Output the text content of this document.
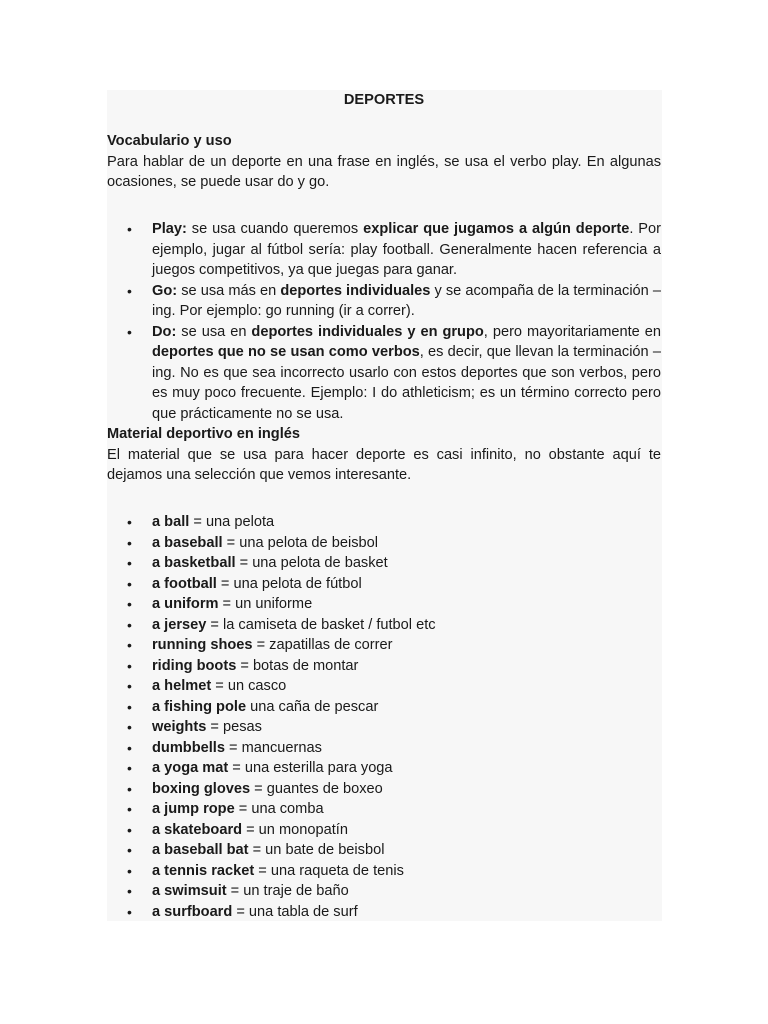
DEPORTES
Vocabulario y uso

Para hablar de un deporte en una frase en inglés, se usa el verbo play. En algunas ocasiones, se puede usar do y go.

• Play: se usa cuando queremos explicar que jugamos a algún deporte. Por ejemplo, jugar al fútbol sería: play football. Generalmente hacen referencia a juegos competitivos, ya que juegas para ganar.
• Go: se usa más en deportes individuales y se acompaña de la terminación –ing. Por ejemplo: go running (ir a correr).
• Do: se usa en deportes individuales y en grupo, pero mayoritariamente en deportes que no se usan como verbos, es decir, que llevan la terminación –ing. No es que sea incorrecto usarlo con estos deportes que son verbos, pero es muy poco frecuente. Ejemplo: I do athleticism; es un término correcto pero que prácticamente no se usa.
Material deportivo en inglés

El material que se usa para hacer deporte es casi infinito, no obstante aquí te dejamos una selección que vemos interesante.

• a ball = una pelota
• a baseball = una pelota de beisbol
• a basketball = una pelota de basket
• a football = una pelota de fútbol
• a uniform = un uniforme
• a jersey = la camiseta de basket / futbol etc
• running shoes = zapatillas de correr
• riding boots = botas de montar
• a helmet = un casco
• a fishing pole una caña de pescar
• weights = pesas
• dumbbells = mancuernas
• a yoga mat = una esterilla para yoga
• boxing gloves = guantes de boxeo
• a jump rope = una comba
• a skateboard = un monopatín
• a baseball bat = un bate de beisbol
• a tennis racket = una raqueta de tenis
• a swimsuit = un traje de baño
• a surfboard = una tabla de surf
